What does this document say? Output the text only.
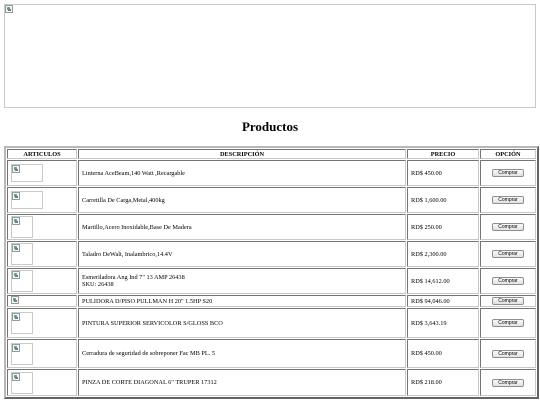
Productos
ARTICULOS	DESCRIPCIÓN	PRECIO	OPCIÓN

	Linterna AceBeam,140 Watt ,Recargable	RD$ 450.00	Comprar

	Carretilla De Carga,Metal,400kg	RD$ 1,600.00	Comprar

	Martillo,Acero Inoxidable,Base De Madera	RD$ 250.00	Comprar

	Taladro DeWalt, Inalambrico,14.4V	RD$ 2,300.00	Comprar

	Esmeriladora Ang Ind 7" 13 AMP 26438
SKU: 26438	RD$ 14,612.00	Comprar
	PULIDORA D/PISO PULLMAN H 20" 1.5HP S20	RD$ 94,046.00	Comprar

	PINTURA SUPERIOR SERVICOLOR S/GLOSS BCO	RD$ 3,643.19	Comprar

	Cerradura de seguridad de sobreponer Fac MB PL. 5	RD$ 450.00	Comprar

	PINZA DE CORTE DIAGONAL 6" TRUPER 17312	RD$ 218.00	Comprar
